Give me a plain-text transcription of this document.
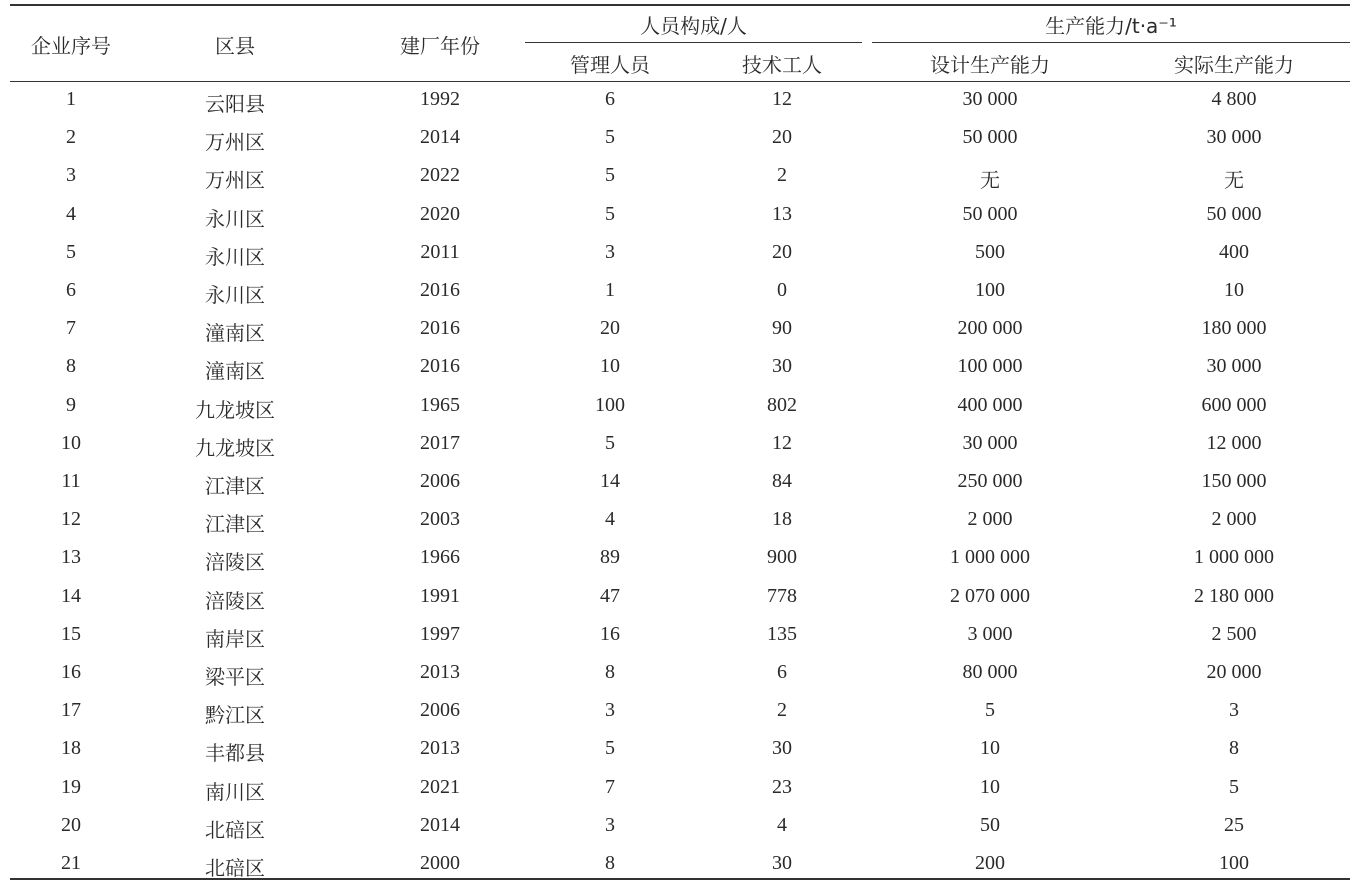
企业序号	区县	建厂年份
人员构成/人
管理人员	技术工人
生产能力/t·a⁻¹
设计生产能力	实际生产能力
1	云阳县	1992	6	12	30 000	4 800
2	万州区	2014	5	20	50 000	30 000
3	万州区	2022	5	2	无	无
4	永川区	2020	5	13	50 000	50 000
5	永川区	2011	3	20	500	400
6	永川区	2016	1	0	100	10
7	潼南区	2016	20	90	200 000	180 000
8	潼南区	2016	10	30	100 000	30 000
9	九龙坡区	1965	100	802	400 000	600 000
10	九龙坡区	2017	5	12	30 000	12 000
11	江津区	2006	14	84	250 000	150 000
12	江津区	2003	4	18	2 000	2 000
13	涪陵区	1966	89	900	1 000 000	1 000 000
14	涪陵区	1991	47	778	2 070 000	2 180 000
15	南岸区	1997	16	135	3 000	2 500
16	梁平区	2013	8	6	80 000	20 000
17	黔江区	2006	3	2	5	3
18	丰都县	2013	5	30	10	8
19	南川区	2021	7	23	10	5
20	北碚区	2014	3	4	50	25
21	北碚区	2000	8	30	200	100
